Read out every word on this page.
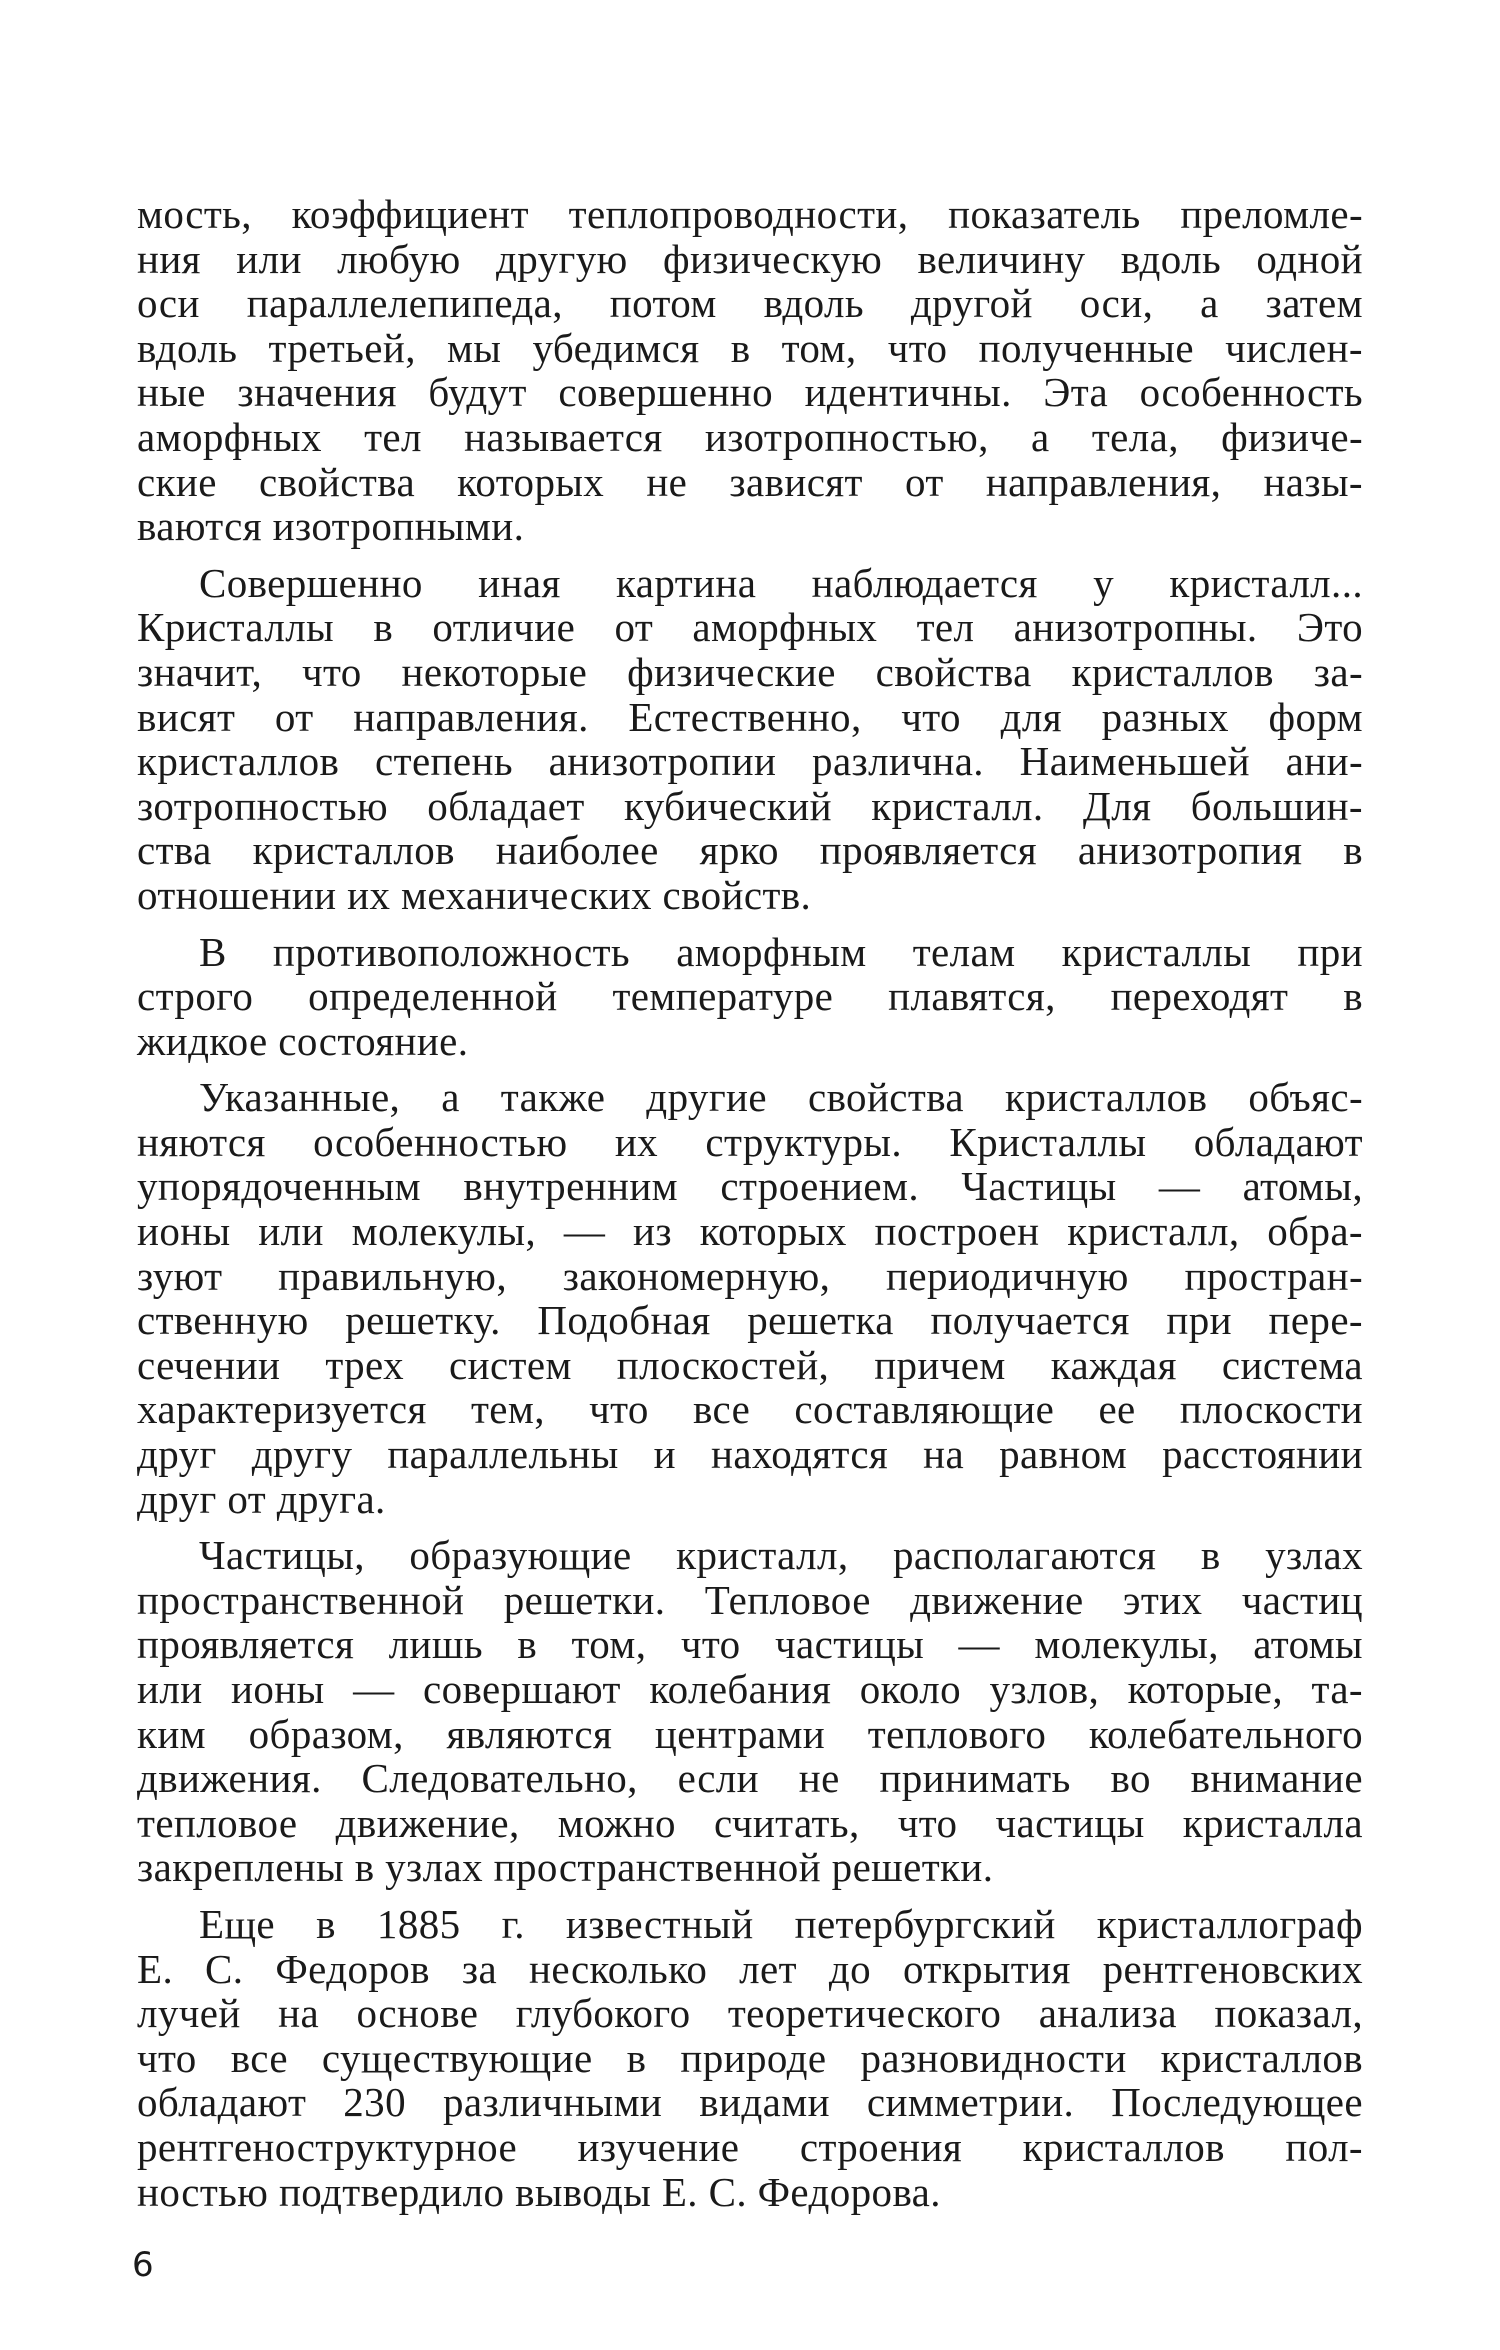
мость, коэффициент теплопроводности, показатель преломле-
ния или любую другую физическую величину вдоль одной
оси параллелепипеда, потом вдоль другой оси, а затем
вдоль третьей, мы убедимся в том, что полученные числен-
ные значения будут совершенно идентичны. Эта особенность
аморфных тел называется изотропностью, а тела, физиче-
ские свойства которых не зависят от направления, назы-
ваются изотропными.
Совершенно иная картина наблюдается у кристалл...
Кристаллы в отличие от аморфных тел анизотропны. Это
значит, что некоторые физические свойства кристаллов за-
висят от направления. Естественно, что для разных форм
кристаллов степень анизотропии различна. Наименьшей ани-
зотропностью обладает кубический кристалл. Для большин-
ства кристаллов наиболее ярко проявляется анизотропия в
отношении их механических свойств.
В противоположность аморфным телам кристаллы при
строго определенной температуре плавятся, переходят в
жидкое состояние.
Указанные, а также другие свойства кристаллов объяс-
няются особенностью их структуры. Кристаллы обладают
упорядоченным внутренним строением. Частицы — атомы,
ионы или молекулы, — из которых построен кристалл, обра-
зуют правильную, закономерную, периодичную простран-
ственную решетку. Подобная решетка получается при пере-
сечении трех систем плоскостей, причем каждая система
характеризуется тем, что все составляющие ее плоскости
друг другу параллельны и находятся на равном расстоянии
друг от друга.
Частицы, образующие кристалл, располагаются в узлах
пространственной решетки. Тепловое движение этих частиц
проявляется лишь в том, что частицы — молекулы, атомы
или ионы — совершают колебания около узлов, которые, та-
ким образом, являются центрами теплового колебательного
движения. Следовательно, если не принимать во внимание
тепловое движение, можно считать, что частицы кристалла
закреплены в узлах пространственной решетки.
Еще в 1885 г. известный петербургский кристаллограф
Е. С. Федоров за несколько лет до открытия рентгеновских
лучей на основе глубокого теоретического анализа показал,
что все существующие в природе разновидности кристаллов
обладают 230 различными видами симметрии. Последующее
рентгеноструктурное изучение строения кристаллов пол-
ностью подтвердило выводы Е. С. Федорова.
6
